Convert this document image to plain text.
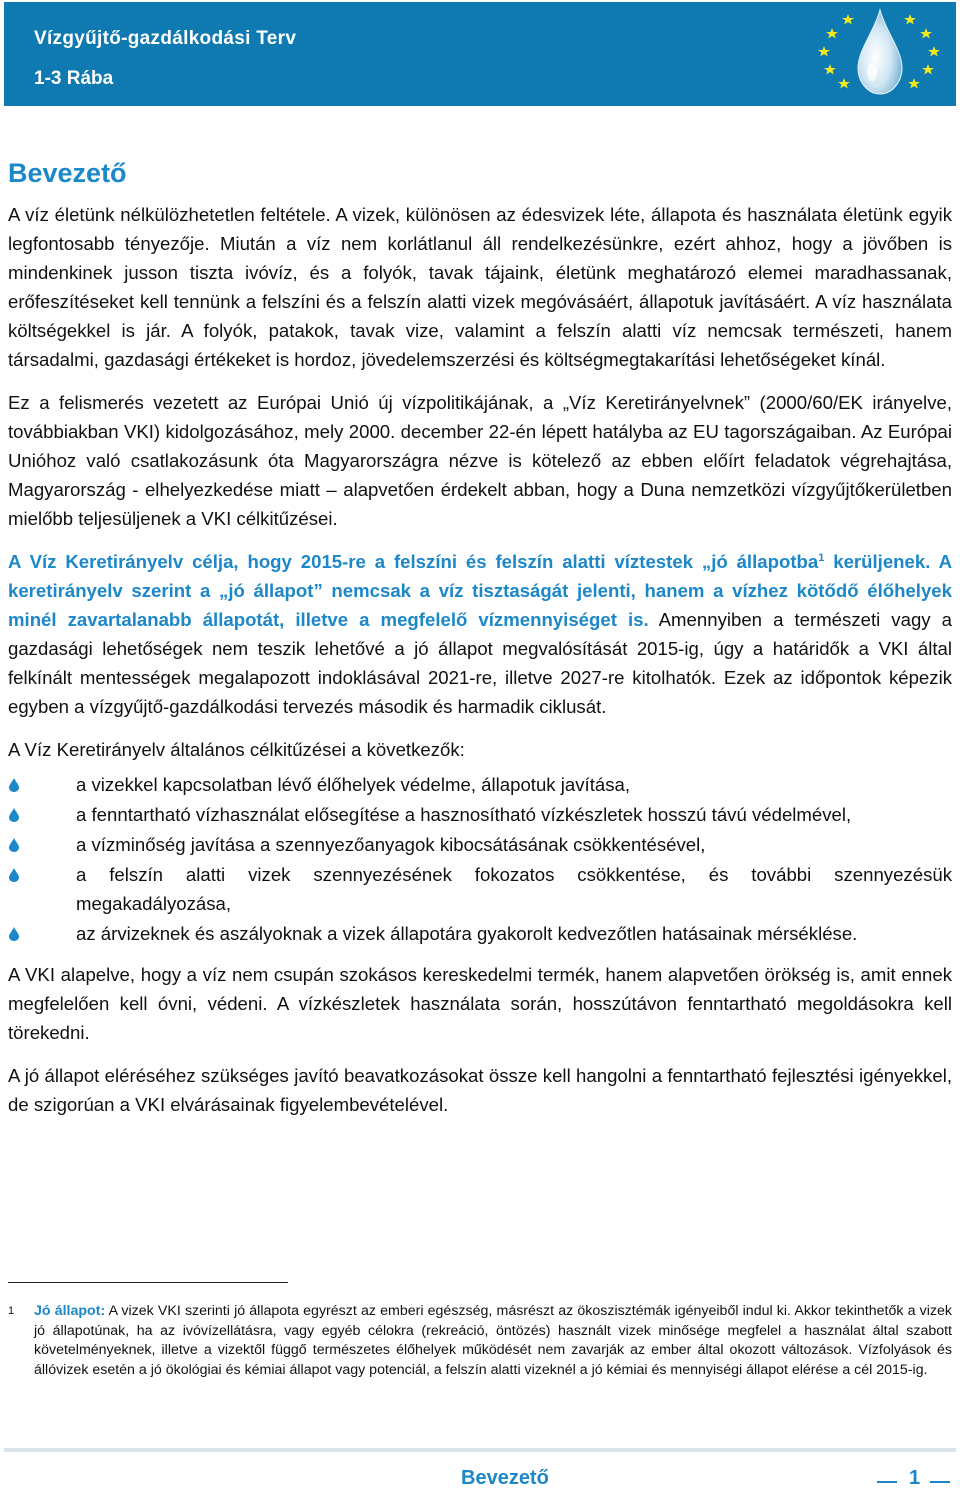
Vízgyűjtő-gazdálkodási Terv
1-3 Rába
Bevezető

A víz életünk nélkülözhetetlen feltétele. A vizek, különösen az édesvizek léte, állapota és használata életünk egyik legfontosabb tényezője. Miután a víz nem korlátlanul áll rendelkezésünkre, ezért ahhoz, hogy a jövőben is mindenkinek jusson tiszta ivóvíz, és a folyók, tavak tájaink, életünk meghatározó elemei maradhassanak, erőfeszítéseket kell tennünk a felszíni és a felszín alatti vizek megóvásáért, állapotuk javításáért. A víz használata költségekkel is jár. A folyók, patakok, tavak vize, valamint a felszín alatti víz nemcsak természeti, hanem társadalmi, gazdasági értékeket is hordoz, jövedelemszerzési és költségmegtakarítási lehetőségeket kínál.

Ez a felismerés vezetett az Európai Unió új vízpolitikájának, a „Víz Keretirányelvnek” (2000/60/EK irányelve, továbbiakban VKI) kidolgozásához, mely 2000. december 22-én lépett hatályba az EU tagországaiban. Az Európai Unióhoz való csatlakozásunk óta Magyarországra nézve is kötelező az ebben előírt feladatok végrehajtása, Magyarország - elhelyezkedése miatt – alapvetően érdekelt abban, hogy a Duna nemzetközi vízgyűjtőkerületben mielőbb teljesüljenek a VKI célkitűzései.

A Víz Keretirányelv célja, hogy 2015-re a felszíni és felszín alatti víztestek „jó állapotba$^1$ kerüljenek. A keretirányelv szerint a „jó állapot” nemcsak a víz tisztaságát jelenti, hanem a vízhez kötődő élőhelyek minél zavartalanabb állapotát, illetve a megfelelő vízmennyiséget is. Amennyiben a természeti vagy a gazdasági lehetőségek nem teszik lehetővé a jó állapot megvalósítását 2015-ig, úgy a határidők a VKI által felkínált mentességek megalapozott indoklásával 2021-re, illetve 2027-re kitolhatók. Ezek az időpontok képezik egyben a vízgyűjtő-gazdálkodási tervezés második és harmadik ciklusát.

A Víz Keretirányelv általános célkitűzései a következők:

a vizekkel kapcsolatban lévő élőhelyek védelme, állapotuk javítása,
a fenntartható vízhasználat elősegítése a hasznosítható vízkészletek hosszú távú védelmével,
a vízminőség javítása a szennyezőanyagok kibocsátásának csökkentésével,
a felszín alatti vizek szennyezésének fokozatos csökkentése, és további szennyezésük megakadályozása,
az árvizeknek és aszályoknak a vizek állapotára gyakorolt kedvezőtlen hatásainak mérséklése.

A VKI alapelve, hogy a víz nem csupán szokásos kereskedelmi termék, hanem alapvetően örökség is, amit ennek megfelelően kell óvni, védeni. A vízkészletek használata során, hosszútávon fenntartható megoldásokra kell törekedni.

A jó állapot eléréséhez szükséges javító beavatkozásokat össze kell hangolni a fenntartható fejlesztési igényekkel, de szigorúan a VKI elvárásainak figyelembevételével.

1	Jó állapot: A vizek VKI szerinti jó állapota egyrészt az emberi egészség, másrészt az ökoszisztémák igényeiből indul ki. Akkor tekinthetők a vizek jó állapotúnak, ha az ivóvízellátásra, vagy egyéb célokra (rekreáció, öntözés) használt vizek minősége megfelel a használat által szabott követelményeknek, illetve a vizektől függő természetes élőhelyek működését nem zavarják az ember által okozott változások. Vízfolyások és állóvizek esetén a jó ökológiai és kémiai állapot vagy potenciál, a felszín alatti vizeknél a jó kémiai és mennyiségi állapot elérése a cél 2015-ig.
Bevezető	1
